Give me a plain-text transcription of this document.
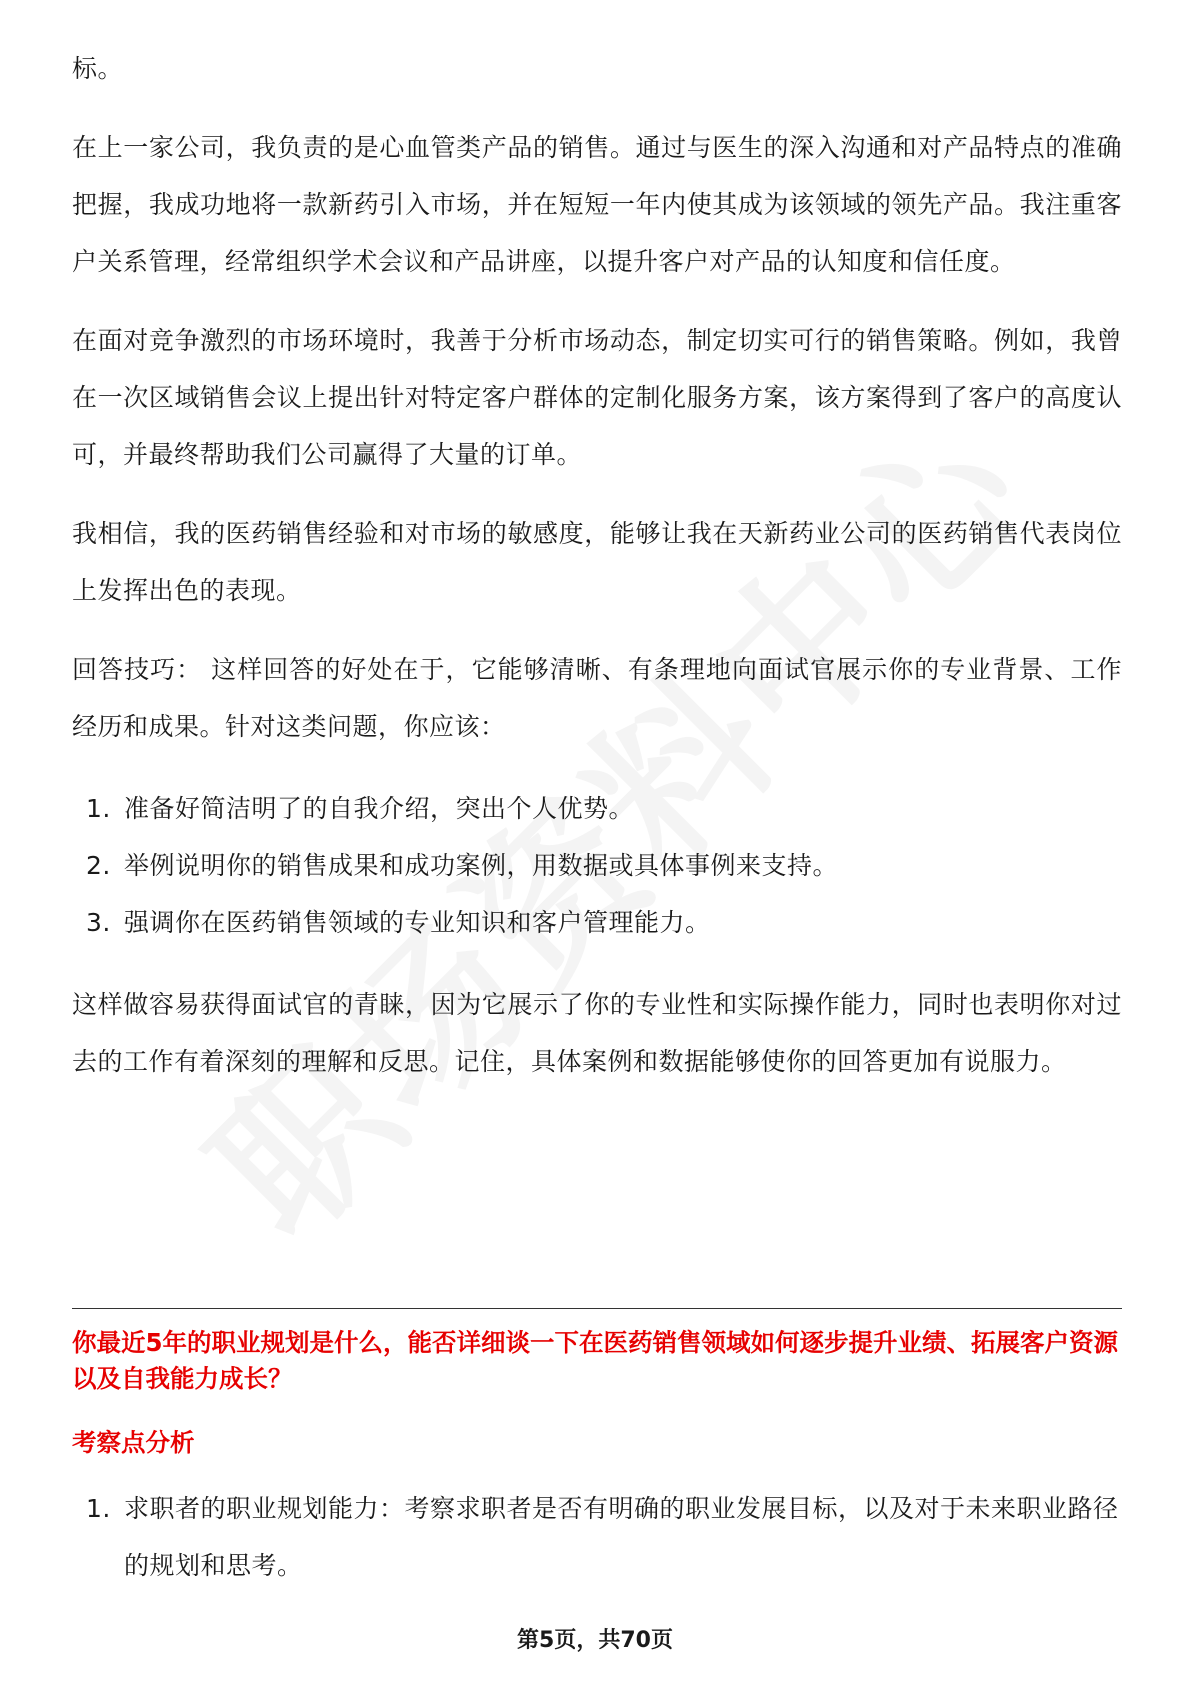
标。

在上一家公司，我负责的是心血管类产品的销售。通过与医生的深入沟通和对产品特点的准确把握，我成功地将一款新药引入市场，并在短短一年内使其成为该领域的领先产品。我注重客户关系管理，经常组织学术会议和产品讲座，以提升客户对产品的认知度和信任度。

在面对竞争激烈的市场环境时，我善于分析市场动态，制定切实可行的销售策略。例如，我曾在一次区域销售会议上提出针对特定客户群体的定制化服务方案，该方案得到了客户的高度认可，并最终帮助我们公司赢得了大量的订单。

我相信，我的医药销售经验和对市场的敏感度，能够让我在天新药业公司的医药销售代表岗位上发挥出色的表现。

回答技巧： 这样回答的好处在于，它能够清晰、有条理地向面试官展示你的专业背景、工作经历和成果。针对这类问题，你应该：

1. 准备好简洁明了的自我介绍，突出个人优势。
2. 举例说明你的销售成果和成功案例，用数据或具体事例来支持。
3. 强调你在医药销售领域的专业知识和客户管理能力。

这样做容易获得面试官的青睐，因为它展示了你的专业性和实际操作能力，同时也表明你对过去的工作有着深刻的理解和反思。记住，具体案例和数据能够使你的回答更加有说服力。

你最近5年的职业规划是什么，能否详细谈一下在医药销售领域如何逐步提升业绩、拓展客户资源以及自我能力成长？

考察点分析

1. 求职者的职业规划能力：考察求职者是否有明确的职业发展目标，以及对于未来职业路径的规划和思考。
第5页，共70页
